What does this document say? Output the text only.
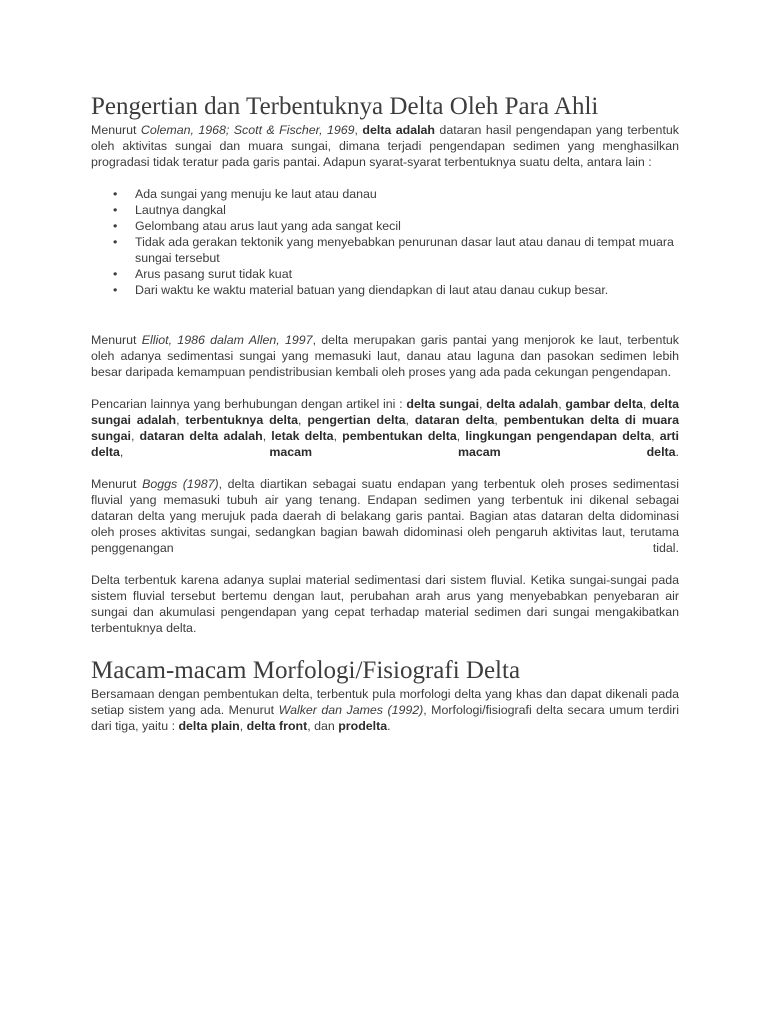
Pengertian dan Terbentuknya Delta Oleh Para Ahli

Menurut Coleman, 1968; Scott & Fischer, 1969, delta adalah dataran hasil pengendapan yang terbentuk oleh aktivitas sungai dan muara sungai, dimana terjadi pengendapan sedimen yang menghasilkan progradasi tidak teratur pada garis pantai. Adapun syarat-syarat terbentuknya suatu delta, antara lain :

• Ada sungai yang menuju ke laut atau danau
• Lautnya dangkal
• Gelombang atau arus laut yang ada sangat kecil
• Tidak ada gerakan tektonik yang menyebabkan penurunan dasar laut atau danau di tempat muara sungai tersebut
• Arus pasang surut tidak kuat
• Dari waktu ke waktu material batuan yang diendapkan di laut atau danau cukup besar.

Menurut Elliot, 1986 dalam Allen, 1997, delta merupakan garis pantai yang menjorok ke laut, terbentuk oleh adanya sedimentasi sungai yang memasuki laut, danau atau laguna dan pasokan sedimen lebih besar daripada kemampuan pendistribusian kembali oleh proses yang ada pada cekungan pengendapan.

Pencarian lainnya yang berhubungan dengan artikel ini : delta sungai, delta adalah, gambar delta, delta sungai adalah, terbentuknya delta, pengertian delta, dataran delta, pembentukan delta di muara sungai, dataran delta adalah, letak delta, pembentukan delta, lingkungan pengendapan delta, arti delta, macam macam delta.

Menurut Boggs (1987), delta diartikan sebagai suatu endapan yang terbentuk oleh proses sedimentasi fluvial yang memasuki tubuh air yang tenang. Endapan sedimen yang terbentuk ini dikenal sebagai dataran delta yang merujuk pada daerah di belakang garis pantai. Bagian atas dataran delta didominasi oleh proses aktivitas sungai, sedangkan bagian bawah didominasi oleh pengaruh aktivitas laut, terutama penggenangan tidal.

Delta terbentuk karena adanya suplai material sedimentasi dari sistem fluvial. Ketika sungai-sungai pada sistem fluvial tersebut bertemu dengan laut, perubahan arah arus yang menyebabkan penyebaran air sungai dan akumulasi pengendapan yang cepat terhadap material sedimen dari sungai mengakibatkan terbentuknya delta.

Macam-macam Morfologi/Fisiografi Delta

Bersamaan dengan pembentukan delta, terbentuk pula morfologi delta yang khas dan dapat dikenali pada setiap sistem yang ada. Menurut Walker dan James (1992), Morfologi/fisiografi delta secara umum terdiri dari tiga, yaitu : delta plain, delta front, dan prodelta.
